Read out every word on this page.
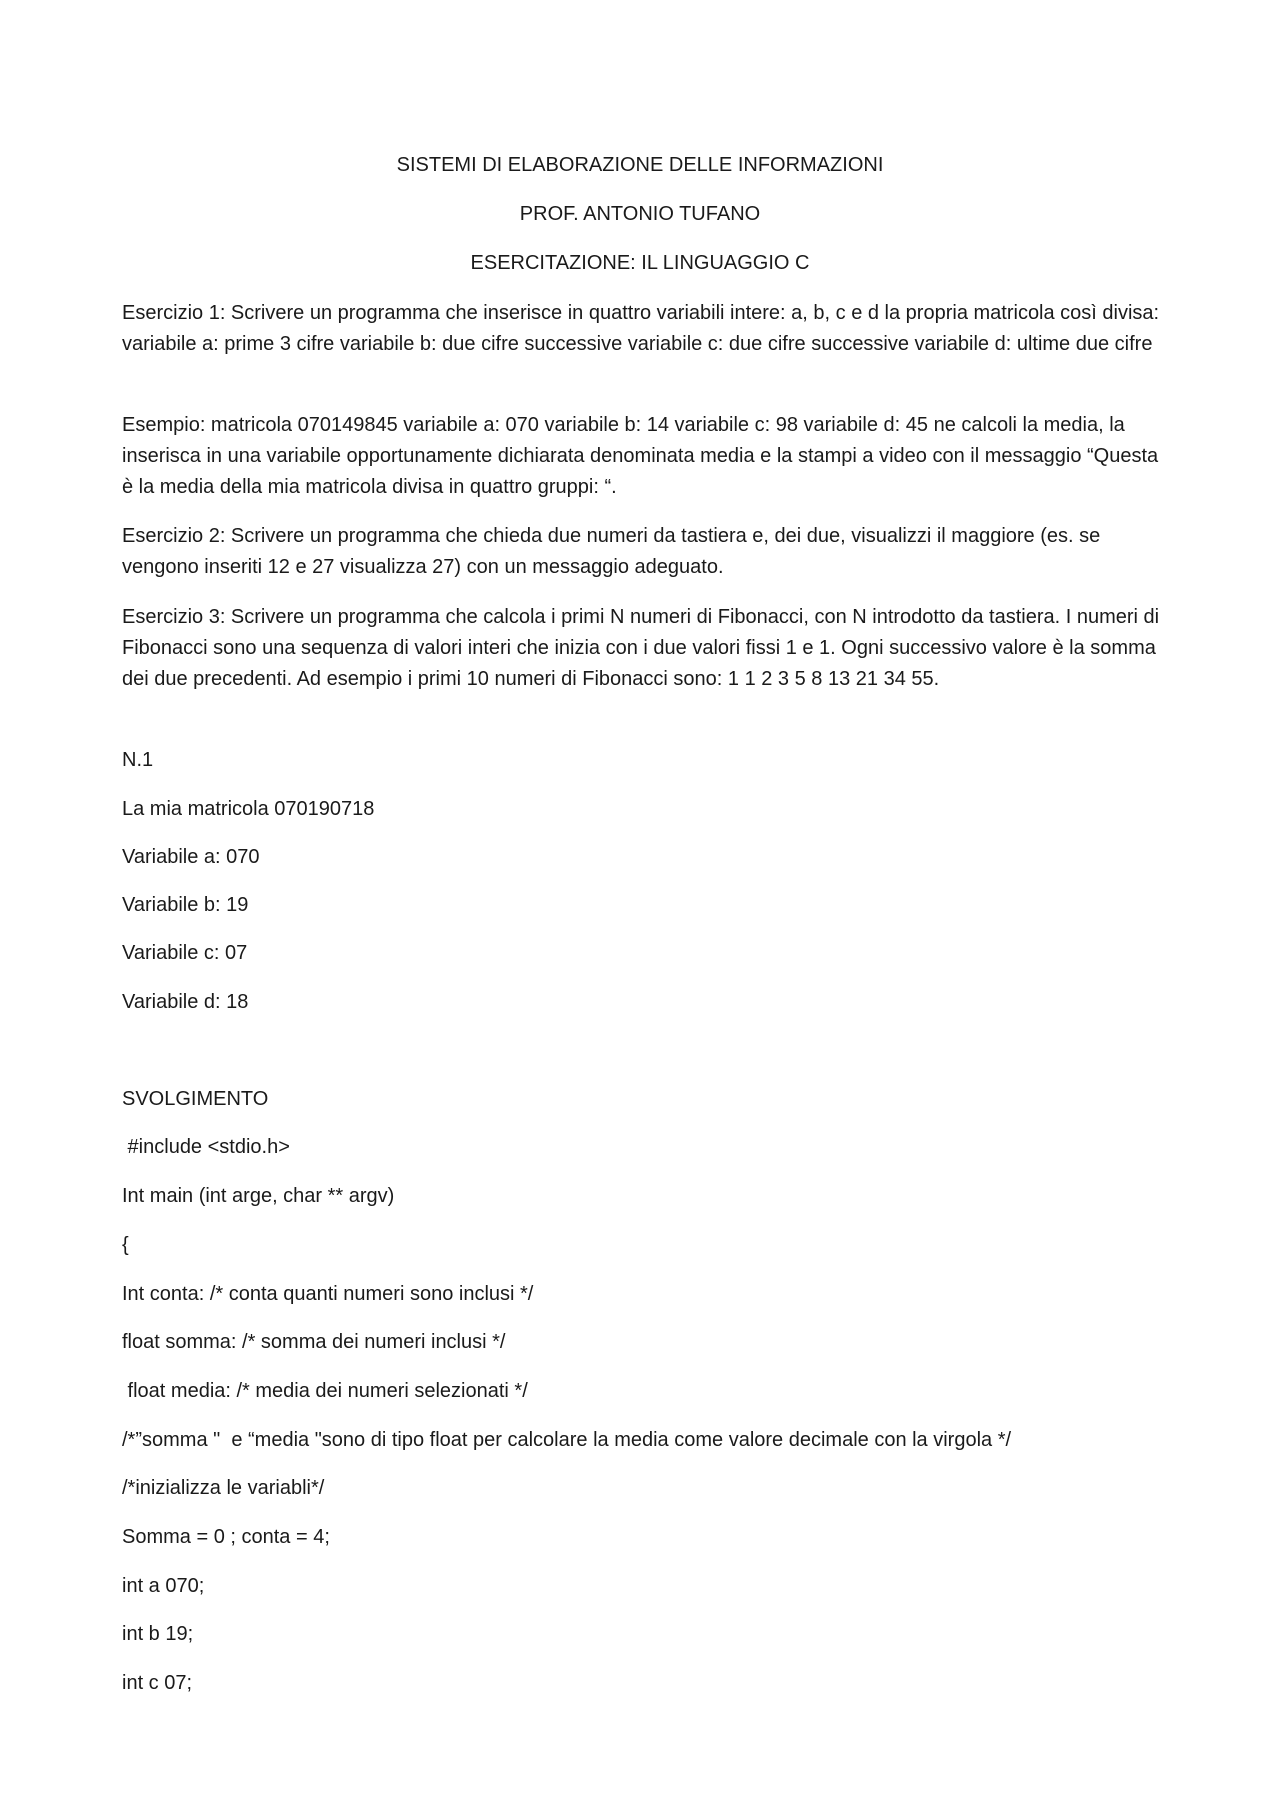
SISTEMI DI ELABORAZIONE DELLE INFORMAZIONI
PROF. ANTONIO TUFANO
ESERCITAZIONE: IL LINGUAGGIO C

Esercizio 1: Scrivere un programma che inserisce in quattro variabili intere: a, b, c e d la propria matricola così divisa: variabile a: prime 3 cifre variabile b: due cifre successive variabile c: due cifre successive variabile d: ultime due cifre

Esempio: matricola 070149845 variabile a: 070 variabile b: 14 variabile c: 98 variabile d: 45 ne calcoli la media, la inserisca in una variabile opportunamente dichiarata denominata media e la stampi a video con il messaggio “Questa è la media della mia matricola divisa in quattro gruppi: “.

Esercizio 2: Scrivere un programma che chieda due numeri da tastiera e, dei due, visualizzi il maggiore (es. se vengono inseriti 12 e 27 visualizza 27) con un messaggio adeguato.

Esercizio 3: Scrivere un programma che calcola i primi N numeri di Fibonacci, con N introdotto da tastiera. I numeri di Fibonacci sono una sequenza di valori interi che inizia con i due valori fissi 1 e 1. Ogni successivo valore è la somma dei due precedenti. Ad esempio i primi 10 numeri di Fibonacci sono: 1 1 2 3 5 8 13 21 34 55.

N.1
La mia matricola 070190718
Variabile a: 070
Variabile b: 19
Variabile c: 07
Variabile d: 18
SVOLGIMENTO
#include <stdio.h>
Int main (int arge, char ** argv)
{
Int conta: /* conta quanti numeri sono inclusi */
float somma: /* somma dei numeri inclusi */
float media: /* media dei numeri selezionati */
/*”somma "  e “media "sono di tipo float per calcolare la media come valore decimale con la virgola */
/*inizializza le variabli*/
Somma = 0 ; conta = 4;
int a 070;
int b 19;
int c 07;
